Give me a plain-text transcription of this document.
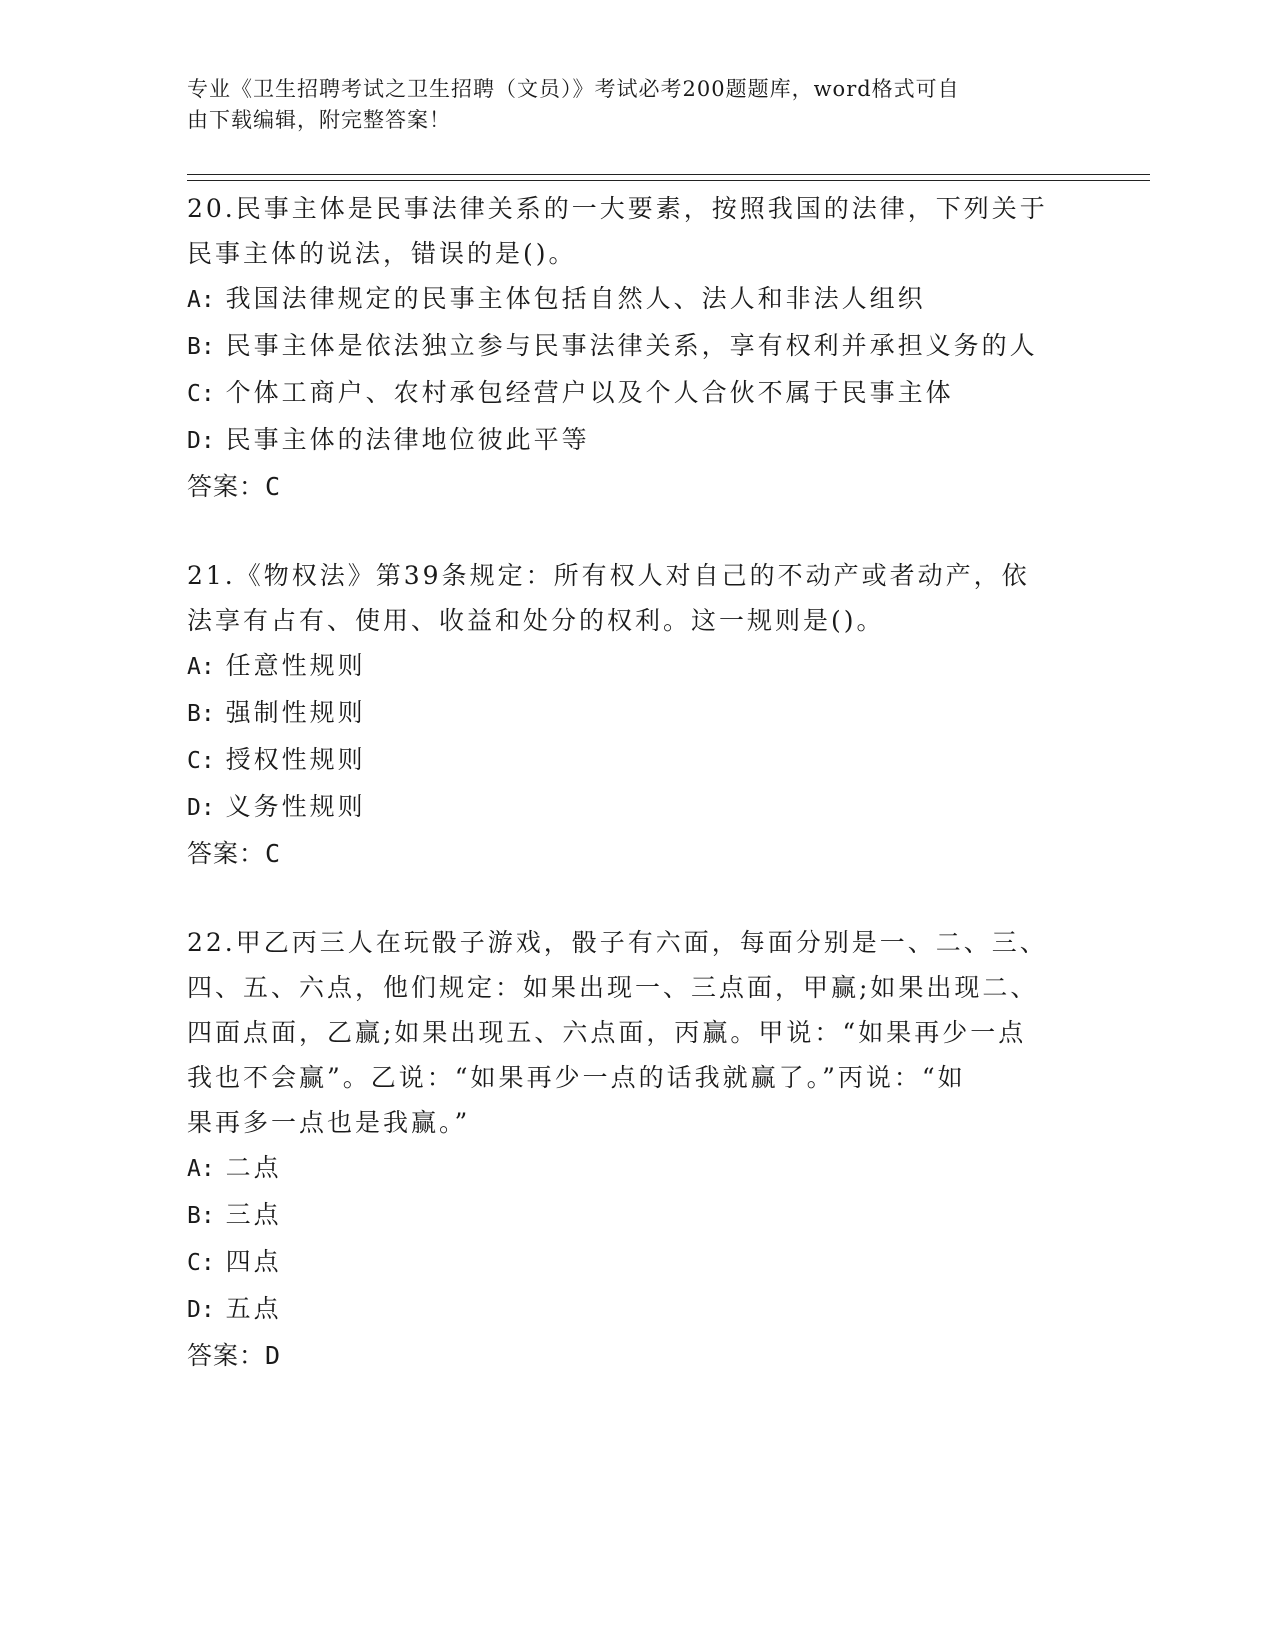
专业《卫生招聘考试之卫生招聘（文员）》考试必考200题题库，word格式可自
由下载编辑，附完整答案！
20.民事主体是民事法律关系的一大要素，按照我国的法律，下列关于
民事主体的说法，错误的是()。
A: 我国法律规定的民事主体包括自然人、法人和非法人组织
B: 民事主体是依法独立参与民事法律关系，享有权利并承担义务的人
C: 个体工商户、农村承包经营户以及个人合伙不属于民事主体
D: 民事主体的法律地位彼此平等
答案：C
21.《物权法》第39条规定：所有权人对自己的不动产或者动产，依
法享有占有、使用、收益和处分的权利。这一规则是()。
A: 任意性规则
B: 强制性规则
C: 授权性规则
D: 义务性规则
答案：C
22.甲乙丙三人在玩骰子游戏，骰子有六面，每面分别是一、二、三、
四、五、六点，他们规定：如果出现一、三点面，甲赢;如果出现二、
四面点面，乙赢;如果出现五、六点面，丙赢。甲说：“如果再少一点
我也不会赢”。乙说：“如果再少一点的话我就赢了。”丙说：“如
果再多一点也是我赢。”
A: 二点
B: 三点
C: 四点
D: 五点
答案：D
